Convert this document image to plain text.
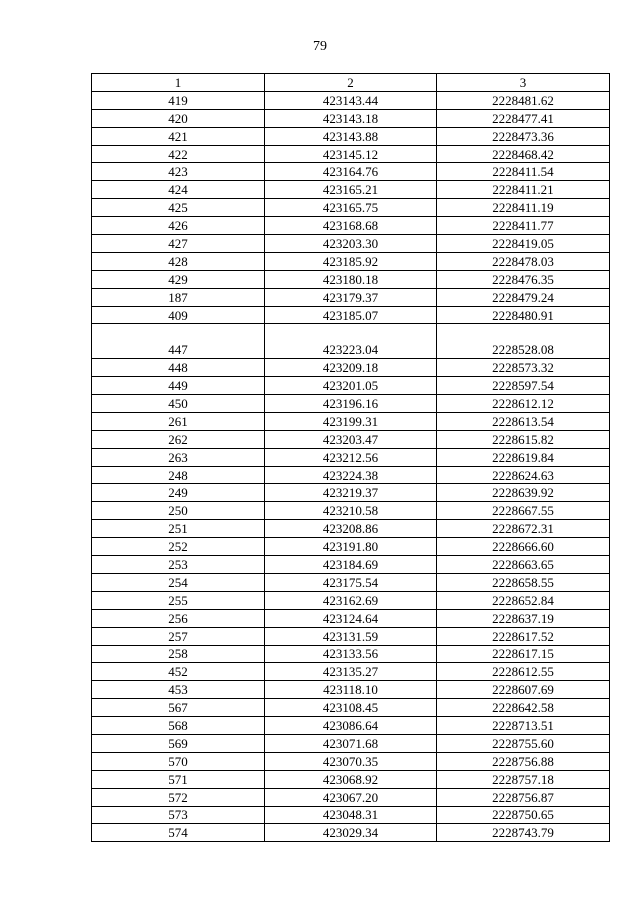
79
1	2	3
419	423143.44	2228481.62
420	423143.18	2228477.41
421	423143.88	2228473.36
422	423145.12	2228468.42
423	423164.76	2228411.54
424	423165.21	2228411.21
425	423165.75	2228411.19
426	423168.68	2228411.77
427	423203.30	2228419.05
428	423185.92	2228478.03
429	423180.18	2228476.35
187	423179.37	2228479.24
409	423185.07	2228480.91

447	423223.04	2228528.08
448	423209.18	2228573.32
449	423201.05	2228597.54
450	423196.16	2228612.12
261	423199.31	2228613.54
262	423203.47	2228615.82
263	423212.56	2228619.84
248	423224.38	2228624.63
249	423219.37	2228639.92
250	423210.58	2228667.55
251	423208.86	2228672.31
252	423191.80	2228666.60
253	423184.69	2228663.65
254	423175.54	2228658.55
255	423162.69	2228652.84
256	423124.64	2228637.19
257	423131.59	2228617.52
258	423133.56	2228617.15
452	423135.27	2228612.55
453	423118.10	2228607.69
567	423108.45	2228642.58
568	423086.64	2228713.51
569	423071.68	2228755.60
570	423070.35	2228756.88
571	423068.92	2228757.18
572	423067.20	2228756.87
573	423048.31	2228750.65
574	423029.34	2228743.79
